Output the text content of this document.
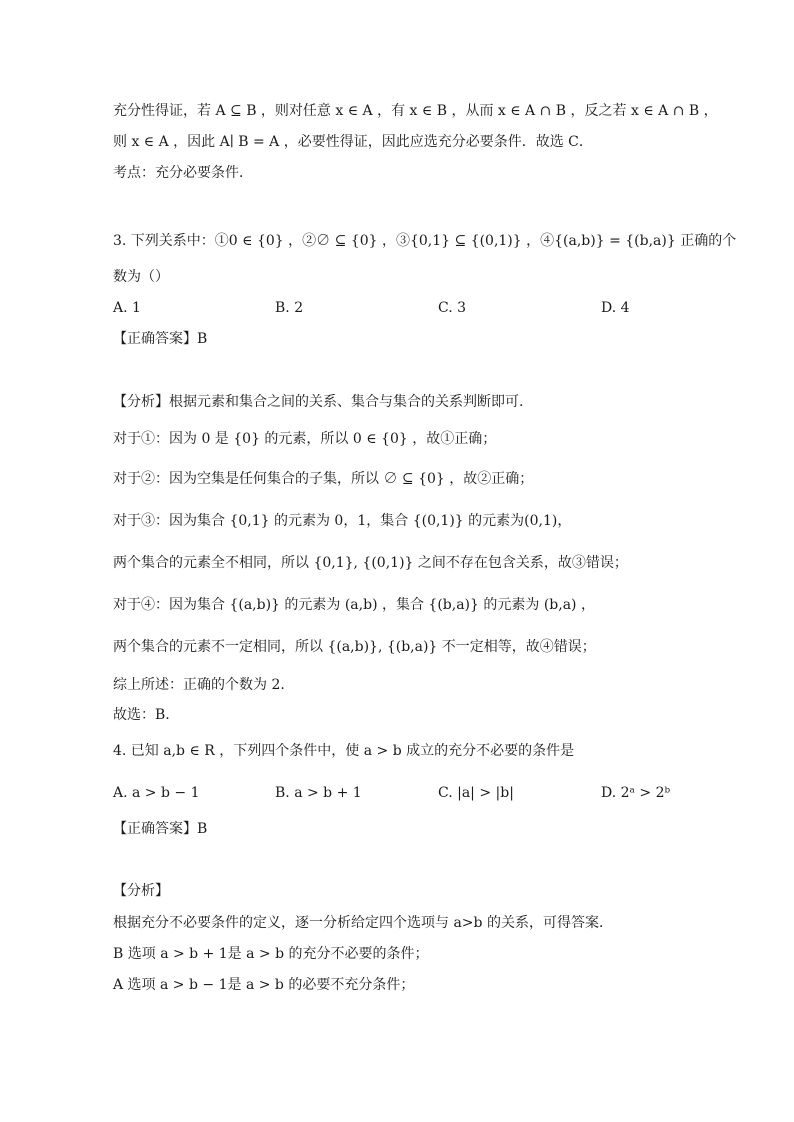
充分性得证，若 A ⊆ B ，则对任意 x ∈ A ，有 x ∈ B ，从而 x ∈ A ∩ B ，反之若 x ∈ A ∩ B ，
则 x ∈ A ，因此 A∣ B = A ，必要性得证，因此应选充分必要条件．故选 C．
考点：充分必要条件．
3. 下列关系中：①0 ∈ {0} ，②∅ ⊆ {0} ，③{0,1} ⊆ {(0,1)} ，④{(a,b)} = {(b,a)} 正确的个
数为（）
A. 1	B. 2	C. 3	D. 4
【正确答案】B
【分析】根据元素和集合之间的关系、集合与集合的关系判断即可.
对于①：因为 0 是 {0} 的元素，所以 0 ∈ {0} ，故①正确；
对于②：因为空集是任何集合的子集，所以 ∅ ⊆ {0} ，故②正确；
对于③：因为集合 {0,1} 的元素为 0，1，集合 {(0,1)} 的元素为(0,1)，
两个集合的元素全不相同，所以 {0,1}, {(0,1)} 之间不存在包含关系，故③错误；
对于④：因为集合 {(a,b)} 的元素为 (a,b) ，集合 {(b,a)} 的元素为 (b,a) ，
两个集合的元素不一定相同，所以 {(a,b)}, {(b,a)} 不一定相等，故④错误；
综上所述：正确的个数为 2.
故选：B.
4. 已知 a,b ∈ R ，下列四个条件中，使 a > b 成立的充分不必要的条件是
A. a > b − 1	B. a > b + 1	C. |a| > |b|	D. 2ᵃ > 2ᵇ
【正确答案】B
【分析】
根据充分不必要条件的定义，逐一分析给定四个选项与 a>b 的关系，可得答案．
B 选项 a > b + 1是 a > b 的充分不必要的条件；
A 选项 a > b − 1是 a > b 的必要不充分条件；
